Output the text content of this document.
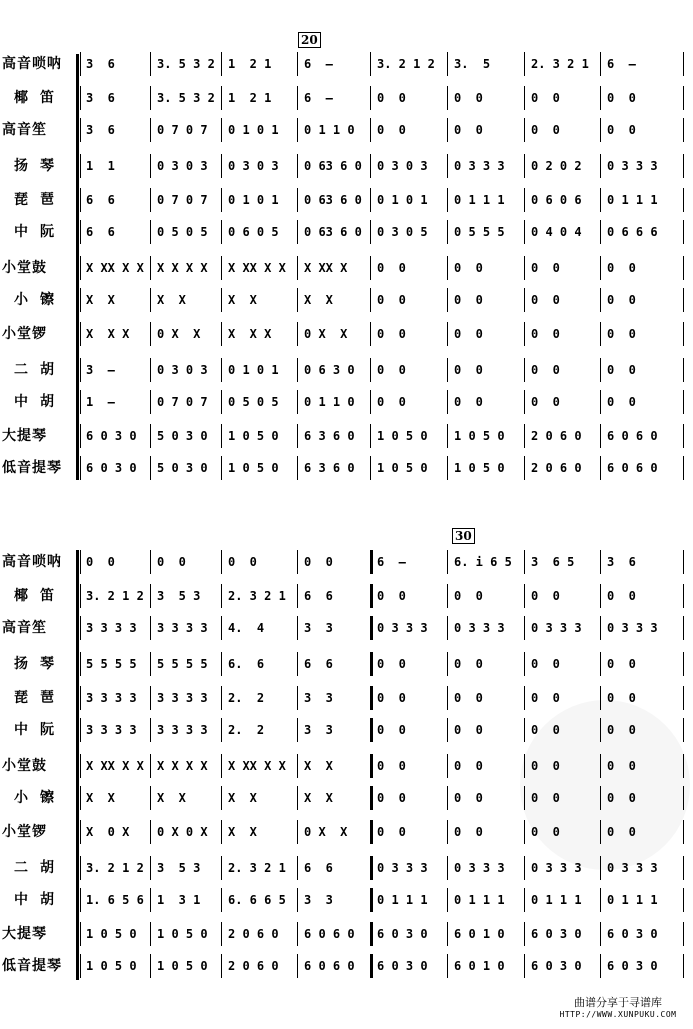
20
高音唢呐	3  6	3. 5 3 2	1  2 1	6  –	3. 2 1 2	3.  5	2. 3 2 1	6  –
椰笛	3  6	3. 5 3 2	1  2 1	6  –	0  0	0  0	0  0	0  0
高音笙	3  6	0 7 0 7	0 1 0 1	0 1 1 0	0  0	0  0	0  0	0  0
扬琴	1  1	0 3 0 3	0 3 0 3	0 63 6 0	0 3 0 3	0 3 3 3	0 2 0 2	0 3 3 3
琵琶	6  6	0 7 0 7	0 1 0 1	0 63 6 0	0 1 0 1	0 1 1 1	0 6 0 6	0 1 1 1
中阮	6  6	0 5 0 5	0 6 0 5	0 63 6 0	0 3 0 5	0 5 5 5	0 4 0 4	0 6 6 6
小堂鼓	X XX X X	X X X X	X XX X X	X XX X	0  0	0  0	0  0	0  0
小镲	X  X	X  X	X  X	X  X	0  0	0  0	0  0	0  0
小堂锣	X  X X	0 X  X	X  X X	0 X  X	0  0	0  0	0  0	0  0
二胡	3  –	0 3 0 3	0 1 0 1	0 6 3 0	0  0	0  0	0  0	0  0
中胡	1  –	0 7 0 7	0 5 0 5	0 1 1 0	0  0	0  0	0  0	0  0
大提琴	6 0 3 0	5 0 3 0	1 0 5 0	6 3 6 0	1 0 5 0	1 0 5 0	2 0 6 0	6 0 6 0
低音提琴	6 0 3 0	5 0 3 0	1 0 5 0	6 3 6 0	1 0 5 0	1 0 5 0	2 0 6 0	6 0 6 0
30
高音唢呐	0  0	0  0	0  0	0  0	6  –	6. i 6 5	3  6 5	3  6
椰笛	3. 2 1 2	3  5 3	2. 3 2 1	6  6	0  0	0  0	0  0	0  0
高音笙	3 3 3 3	3 3 3 3	4.  4	3  3	0 3 3 3	0 3 3 3	0 3 3 3	0 3 3 3
扬琴	5 5 5 5	5 5 5 5	6.  6	6  6	0  0	0  0	0  0	0  0
琵琶	3 3 3 3	3 3 3 3	2.  2	3  3	0  0	0  0	0  0	0  0
中阮	3 3 3 3	3 3 3 3	2.  2	3  3	0  0	0  0	0  0	0  0
小堂鼓	X XX X X	X X X X	X XX X X	X  X	0  0	0  0	0  0	0  0
小镲	X  X	X  X	X  X	X  X	0  0	0  0	0  0	0  0
小堂锣	X  0 X	0 X 0 X	X  X	0 X  X	0  0	0  0	0  0	0  0
二胡	3. 2 1 2	3  5 3	2. 3 2 1	6  6	0 3 3 3	0 3 3 3	0 3 3 3	0 3 3 3
中胡	1. 6 5 6	1  3 1	6. 6 6 5	3  3	0 1 1 1	0 1 1 1	0 1 1 1	0 1 1 1
大提琴	1 0 5 0	1 0 5 0	2 0 6 0	6 0 6 0	6 0 3 0	6 0 1 0	6 0 3 0	6 0 3 0
低音提琴	1 0 5 0	1 0 5 0	2 0 6 0	6 0 6 0	6 0 3 0	6 0 1 0	6 0 3 0	6 0 3 0
曲谱分享于寻谱库
HTTP://WWW.XUNPUKU.COM
